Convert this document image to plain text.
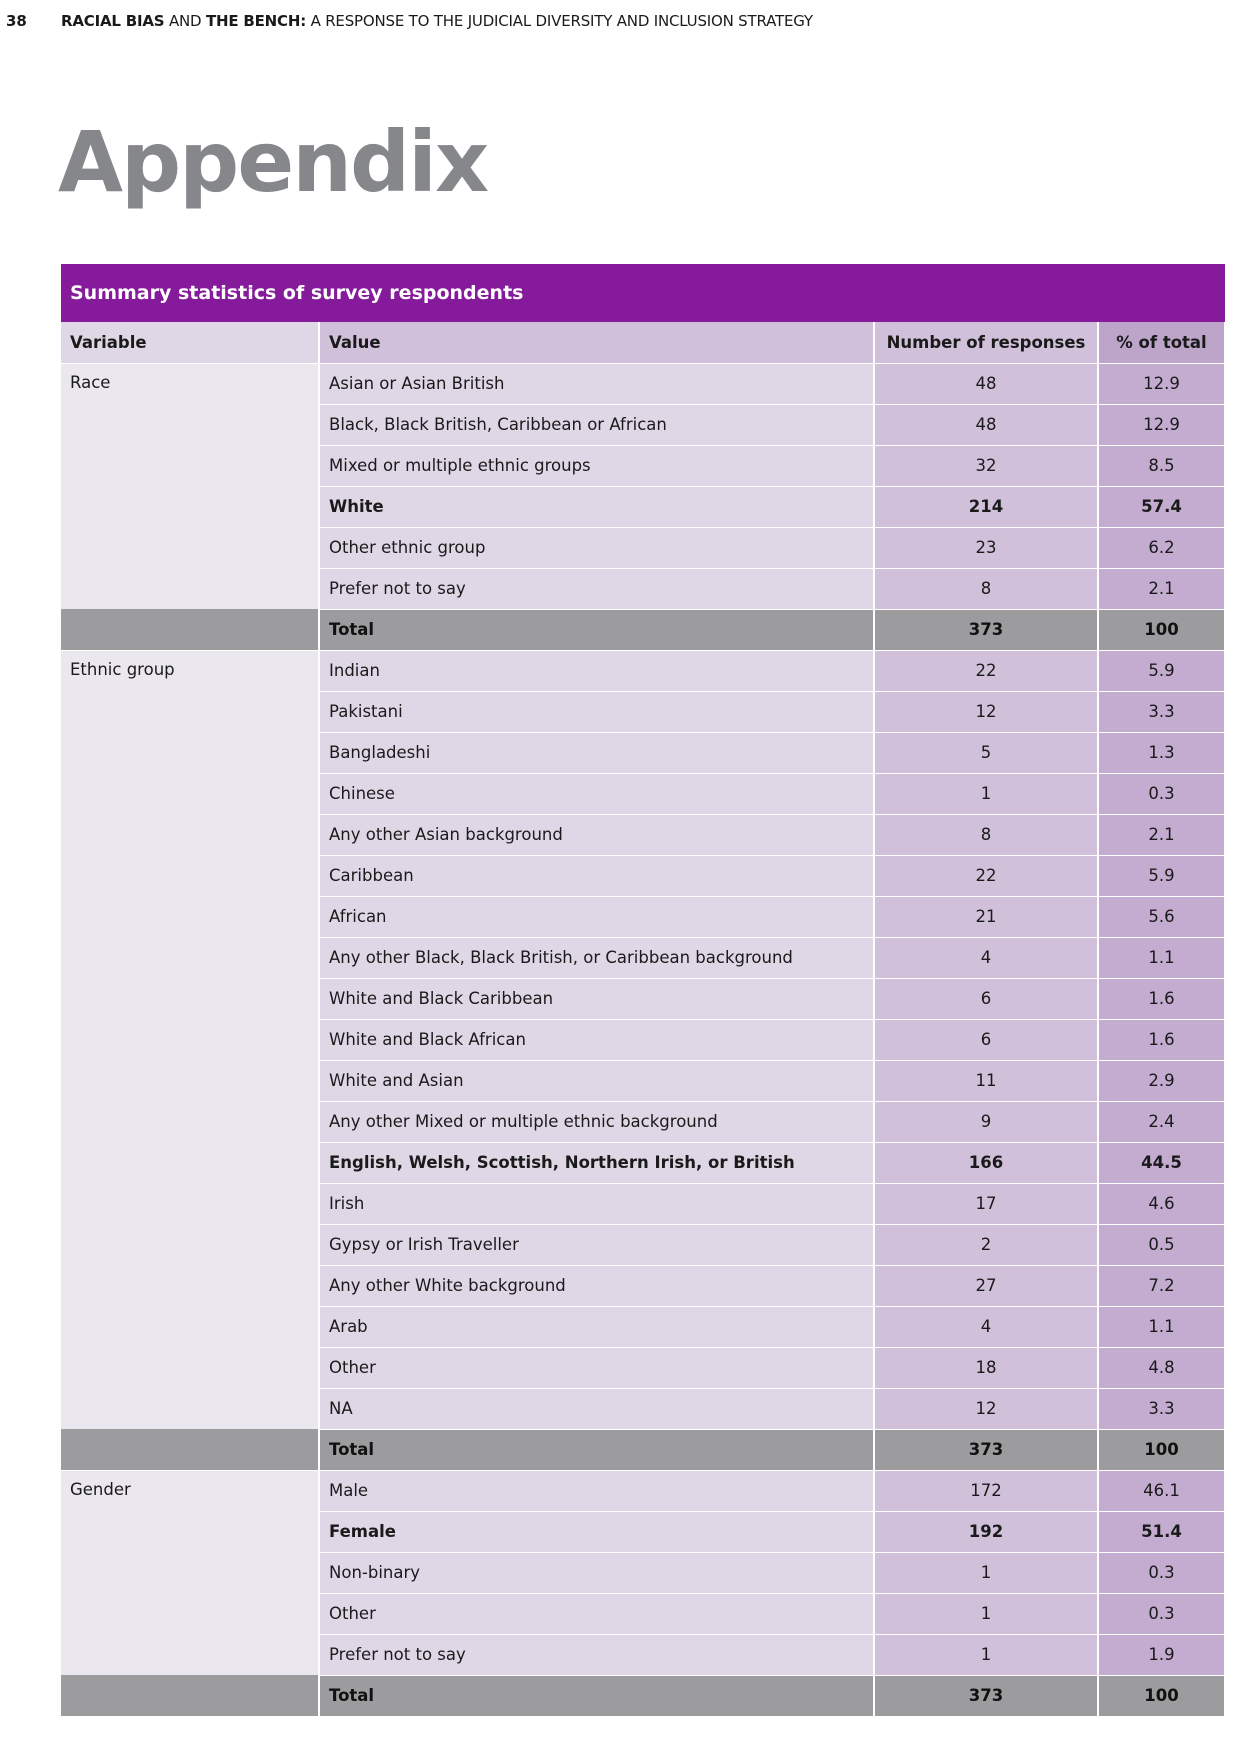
38 RACIAL BIAS AND THE BENCH: A RESPONSE TO THE JUDICIAL DIVERSITY AND INCLUSION STRATEGY
Appendix
Summary statistics of survey respondents
Variable	Value	Number of responses	% of total
Race	Asian or Asian British	48	12.9
	Black, Black British, Caribbean or African	48	12.9
	Mixed or multiple ethnic groups	32	8.5
	White	214	57.4
	Other ethnic group	23	6.2
	Prefer not to say	8	2.1
	Total	373	100
Ethnic group	Indian	22	5.9
	Pakistani	12	3.3
	Bangladeshi	5	1.3
	Chinese	1	0.3
	Any other Asian background	8	2.1
	Caribbean	22	5.9
	African	21	5.6
	Any other Black, Black British, or Caribbean background	4	1.1
	White and Black Caribbean	6	1.6
	White and Black African	6	1.6
	White and Asian	11	2.9
	Any other Mixed or multiple ethnic background	9	2.4
	English, Welsh, Scottish, Northern Irish, or British	166	44.5
	Irish	17	4.6
	Gypsy or Irish Traveller	2	0.5
	Any other White background	27	7.2
	Arab	4	1.1
	Other	18	4.8
	NA	12	3.3
	Total	373	100
Gender	Male	172	46.1
	Female	192	51.4
	Non-binary	1	0.3
	Other	1	0.3
	Prefer not to say	1	1.9
	Total	373	100
